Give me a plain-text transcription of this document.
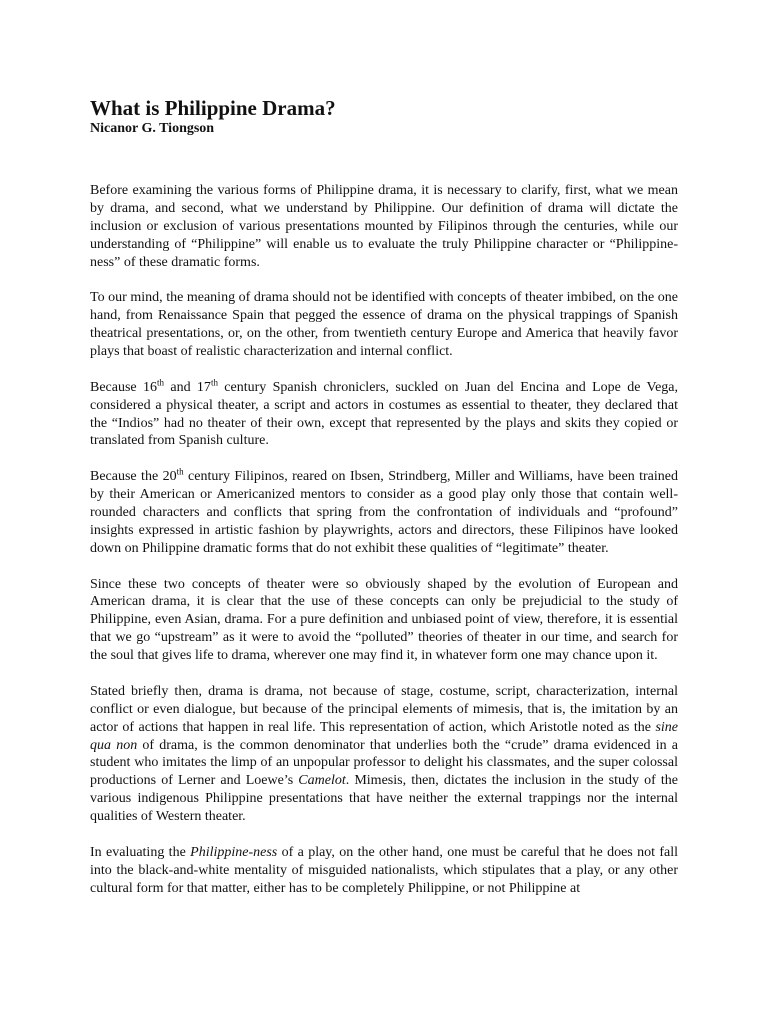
What is Philippine Drama?

Nicanor G. Tiongson

Before examining the various forms of Philippine drama, it is necessary to clarify, first, what we mean by drama, and second, what we understand by Philippine. Our definition of drama will dictate the inclusion or exclusion of various presentations mounted by Filipinos through the centuries, while our understanding of “Philippine” will enable us to evaluate the truly Philippine character or “Philippine-ness” of these dramatic forms.

To our mind, the meaning of drama should not be identified with concepts of theater imbibed, on the one hand, from Renaissance Spain that pegged the essence of drama on the physical trappings of Spanish theatrical presentations, or, on the other, from twentieth century Europe and America that heavily favor plays that boast of realistic characterization and internal conflict.

Because 16th and 17th century Spanish chroniclers, suckled on Juan del Encina and Lope de Vega, considered a physical theater, a script and actors in costumes as essential to theater, they declared that the “Indios” had no theater of their own, except that represented by the plays and skits they copied or translated from Spanish culture.

Because the 20th century Filipinos, reared on Ibsen, Strindberg, Miller and Williams, have been trained by their American or Americanized mentors to consider as a good play only those that contain well-rounded characters and conflicts that spring from the confrontation of individuals and “profound” insights expressed in artistic fashion by playwrights, actors and directors, these Filipinos have looked down on Philippine dramatic forms that do not exhibit these qualities of “legitimate” theater.

Since these two concepts of theater were so obviously shaped by the evolution of European and American drama, it is clear that the use of these concepts can only be prejudicial to the study of Philippine, even Asian, drama. For a pure definition and unbiased point of view, therefore, it is essential that we go “upstream” as it were to avoid the “polluted” theories of theater in our time, and search for the soul that gives life to drama, wherever one may find it, in whatever form one may chance upon it.

Stated briefly then, drama is drama, not because of stage, costume, script, characterization, internal conflict or even dialogue, but because of the principal elements of mimesis, that is, the imitation by an actor of actions that happen in real life. This representation of action, which Aristotle noted as the sine qua non of drama, is the common denominator that underlies both the “crude” drama evidenced in a student who imitates the limp of an unpopular professor to delight his classmates, and the super colossal productions of Lerner and Loewe’s Camelot. Mimesis, then, dictates the inclusion in the study of the various indigenous Philippine presentations that have neither the external trappings nor the internal qualities of Western theater.

In evaluating the Philippine-ness of a play, on the other hand, one must be careful that he does not fall into the black-and-white mentality of misguided nationalists, which stipulates that a play, or any other cultural form for that matter, either has to be completely Philippine, or not Philippine at
